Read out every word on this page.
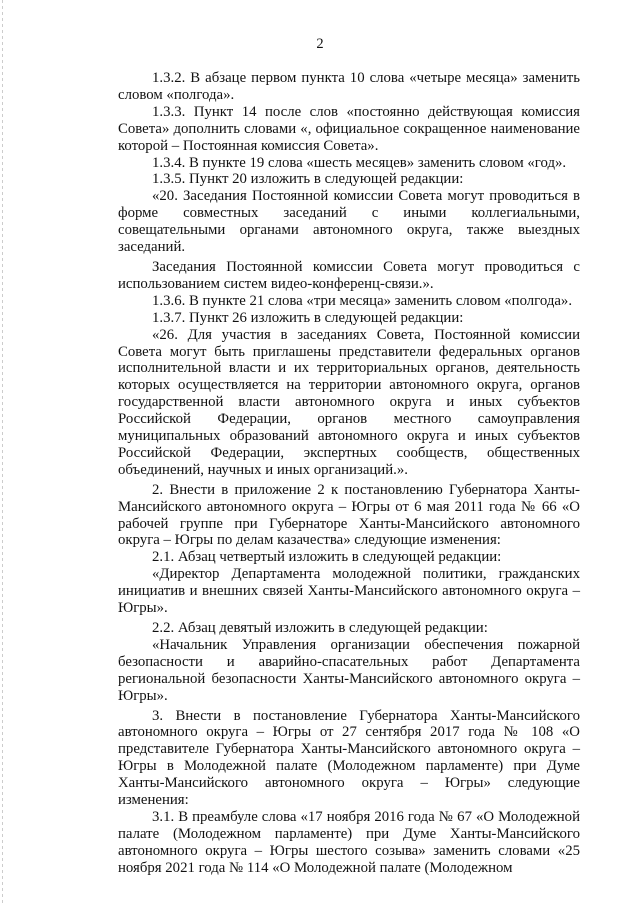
2

1.3.2. В абзаце первом пункта 10 слова «четыре месяца» заменить словом «полгода».

1.3.3. Пункт 14 после слов «постоянно действующая комиссия Совета» дополнить словами «, официальное сокращенное наименование которой – Постоянная комиссия Совета».

1.3.4. В пункте 19 слова «шесть месяцев» заменить словом «год».

1.3.5. Пункт 20 изложить в следующей редакции:

«20. Заседания Постоянной комиссии Совета могут проводиться в форме совместных заседаний с иными коллегиальными, совещательными органами автономного округа, также выездных заседаний.

Заседания Постоянной комиссии Совета могут проводиться с использованием систем видео-конференц-связи.».

1.3.6. В пункте 21 слова «три месяца» заменить словом «полгода».

1.3.7. Пункт 26 изложить в следующей редакции:

«26. Для участия в заседаниях Совета, Постоянной комиссии Совета могут быть приглашены представители федеральных органов исполнительной власти и их территориальных органов, деятельность которых осуществляется на территории автономного округа, органов государственной власти автономного округа и иных субъектов Российской Федерации, органов местного самоуправления муниципальных образований автономного округа и иных субъектов Российской Федерации, экспертных сообществ, общественных объединений, научных и иных организаций.».

2. Внести в приложение 2 к постановлению Губернатора Ханты-Мансийского автономного округа – Югры от 6 мая 2011 года № 66 «О рабочей группе при Губернаторе Ханты-Мансийского автономного округа – Югры по делам казачества» следующие изменения:

2.1. Абзац четвертый изложить в следующей редакции:

«Директор Департамента молодежной политики, гражданских инициатив и внешних связей Ханты-Мансийского автономного округа – Югры».

2.2. Абзац девятый изложить в следующей редакции:

«Начальник Управления организации обеспечения пожарной безопасности и аварийно-спасательных работ Департамента региональной безопасности Ханты-Мансийского автономного округа – Югры».

3. Внести в постановление Губернатора Ханты-Мансийского автономного округа – Югры от 27 сентября 2017 года № 108 «О представителе Губернатора Ханты-Мансийского автономного округа – Югры в Молодежной палате (Молодежном парламенте) при Думе Ханты-Мансийского автономного округа – Югры» следующие изменения:

3.1. В преамбуле слова «17 ноября 2016 года № 67 «О Молодежной палате (Молодежном парламенте) при Думе Ханты-Мансийского автономного округа – Югры шестого созыва» заменить словами «25 ноября 2021 года № 114 «О Молодежной палате (Молодежном
